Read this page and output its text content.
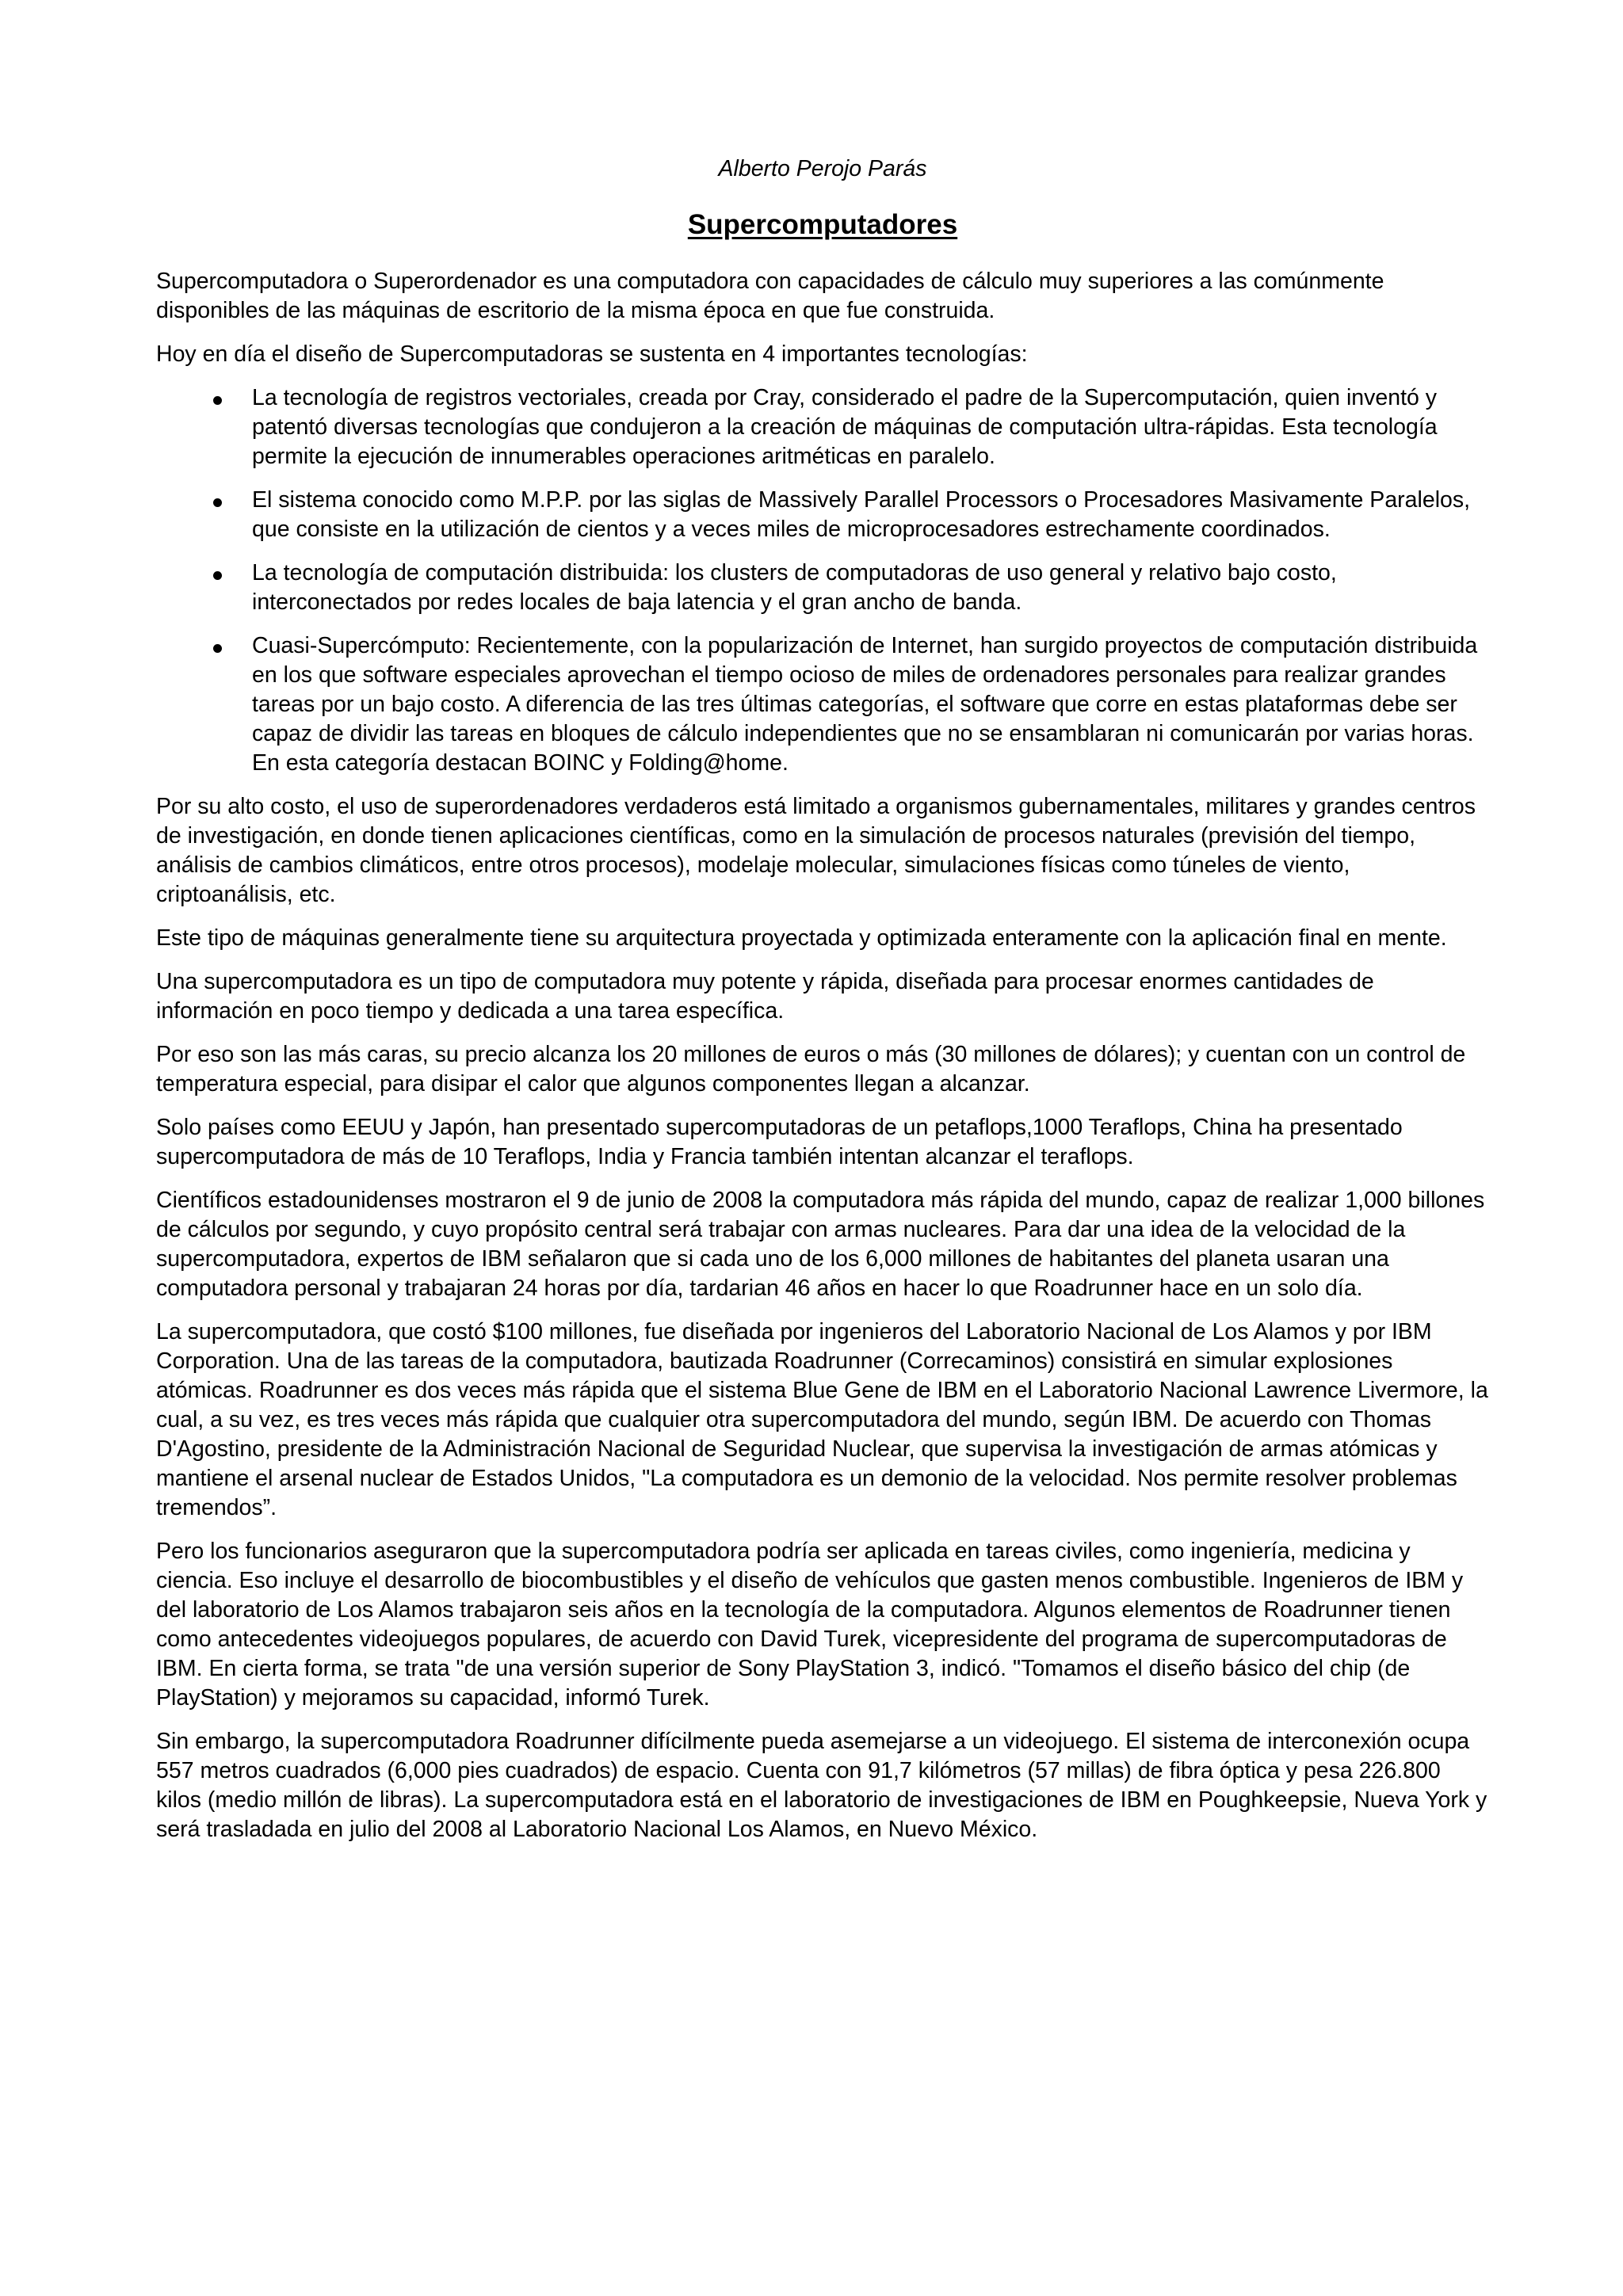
Alberto Perojo Parás

Supercomputadores

Supercomputadora o Superordenador es una computadora con capacidades de cálculo muy superiores a las comúnmente disponibles de las máquinas de escritorio de la misma época en que fue construida.

Hoy en día el diseño de Supercomputadoras se sustenta en 4 importantes tecnologías:

La tecnología de registros vectoriales, creada por Cray, considerado el padre de la Supercomputación, quien inventó y patentó diversas tecnologías que condujeron a la creación de máquinas de computación ultra-rápidas. Esta tecnología permite la ejecución de innumerables operaciones aritméticas en paralelo.
El sistema conocido como M.P.P. por las siglas de Massively Parallel Processors o Procesadores Masivamente Paralelos, que consiste en la utilización de cientos y a veces miles de microprocesadores estrechamente coordinados.
La tecnología de computación distribuida: los clusters de computadoras de uso general y relativo bajo costo, interconectados por redes locales de baja latencia y el gran ancho de banda.
Cuasi-Supercómputo: Recientemente, con la popularización de Internet, han surgido proyectos de computación distribuida en los que software especiales aprovechan el tiempo ocioso de miles de ordenadores personales para realizar grandes tareas por un bajo costo. A diferencia de las tres últimas categorías, el software que corre en estas plataformas debe ser capaz de dividir las tareas en bloques de cálculo independientes que no se ensamblaran ni comunicarán por varias horas. En esta categoría destacan BOINC y Folding@home.

Por su alto costo, el uso de superordenadores verdaderos está limitado a organismos gubernamentales, militares y grandes centros de investigación, en donde tienen aplicaciones científicas, como en la simulación de procesos naturales (previsión del tiempo, análisis de cambios climáticos, entre otros procesos), modelaje molecular, simulaciones físicas como túneles de viento, criptoanálisis, etc.

Este tipo de máquinas generalmente tiene su arquitectura proyectada y optimizada enteramente con la aplicación final en mente.

Una supercomputadora es un tipo de computadora muy potente y rápida, diseñada para procesar enormes cantidades de información en poco tiempo y dedicada a una tarea específica.

Por eso son las más caras, su precio alcanza los 20 millones de euros o más (30 millones de dólares); y cuentan con un control de temperatura especial, para disipar el calor que algunos componentes llegan a alcanzar.

Solo países como EEUU y Japón, han presentado supercomputadoras de un petaflops,1000 Teraflops, China ha presentado supercomputadora de más de 10 Teraflops, India y Francia también intentan alcanzar el teraflops.

Científicos estadounidenses mostraron el 9 de junio de 2008 la computadora más rápida del mundo, capaz de realizar 1,000 billones de cálculos por segundo, y cuyo propósito central será trabajar con armas nucleares. Para dar una idea de la velocidad de la supercomputadora, expertos de IBM señalaron que si cada uno de los 6,000 millones de habitantes del planeta usaran una computadora personal y trabajaran 24 horas por día, tardarian 46 años en hacer lo que Roadrunner hace en un solo día.

La supercomputadora, que costó $100 millones, fue diseñada por ingenieros del Laboratorio Nacional de Los Alamos y por IBM Corporation. Una de las tareas de la computadora, bautizada Roadrunner (Correcaminos) consistirá en simular explosiones atómicas. Roadrunner es dos veces más rápida que el sistema Blue Gene de IBM en el Laboratorio Nacional Lawrence Livermore, la cual, a su vez, es tres veces más rápida que cualquier otra supercomputadora del mundo, según IBM. De acuerdo con Thomas D'Agostino, presidente de la Administración Nacional de Seguridad Nuclear, que supervisa la investigación de armas atómicas y mantiene el arsenal nuclear de Estados Unidos, "La computadora es un demonio de la velocidad. Nos permite resolver problemas tremendos”.

Pero los funcionarios aseguraron que la supercomputadora podría ser aplicada en tareas civiles, como ingeniería, medicina y ciencia. Eso incluye el desarrollo de biocombustibles y el diseño de vehículos que gasten menos combustible. Ingenieros de IBM y del laboratorio de Los Alamos trabajaron seis años en la tecnología de la computadora. Algunos elementos de Roadrunner tienen como antecedentes videojuegos populares, de acuerdo con David Turek, vicepresidente del programa de supercomputadoras de IBM. En cierta forma, se trata "de una versión superior de Sony PlayStation 3, indicó. "Tomamos el diseño básico del chip (de PlayStation) y mejoramos su capacidad, informó Turek.

Sin embargo, la supercomputadora Roadrunner difícilmente pueda asemejarse a un videojuego. El sistema de interconexión ocupa 557 metros cuadrados (6,000 pies cuadrados) de espacio. Cuenta con 91,7 kilómetros (57 millas) de fibra óptica y pesa 226.800 kilos (medio millón de libras). La supercomputadora está en el laboratorio de investigaciones de IBM en Poughkeepsie, Nueva York y será trasladada en julio del 2008 al Laboratorio Nacional Los Alamos, en Nuevo México.
